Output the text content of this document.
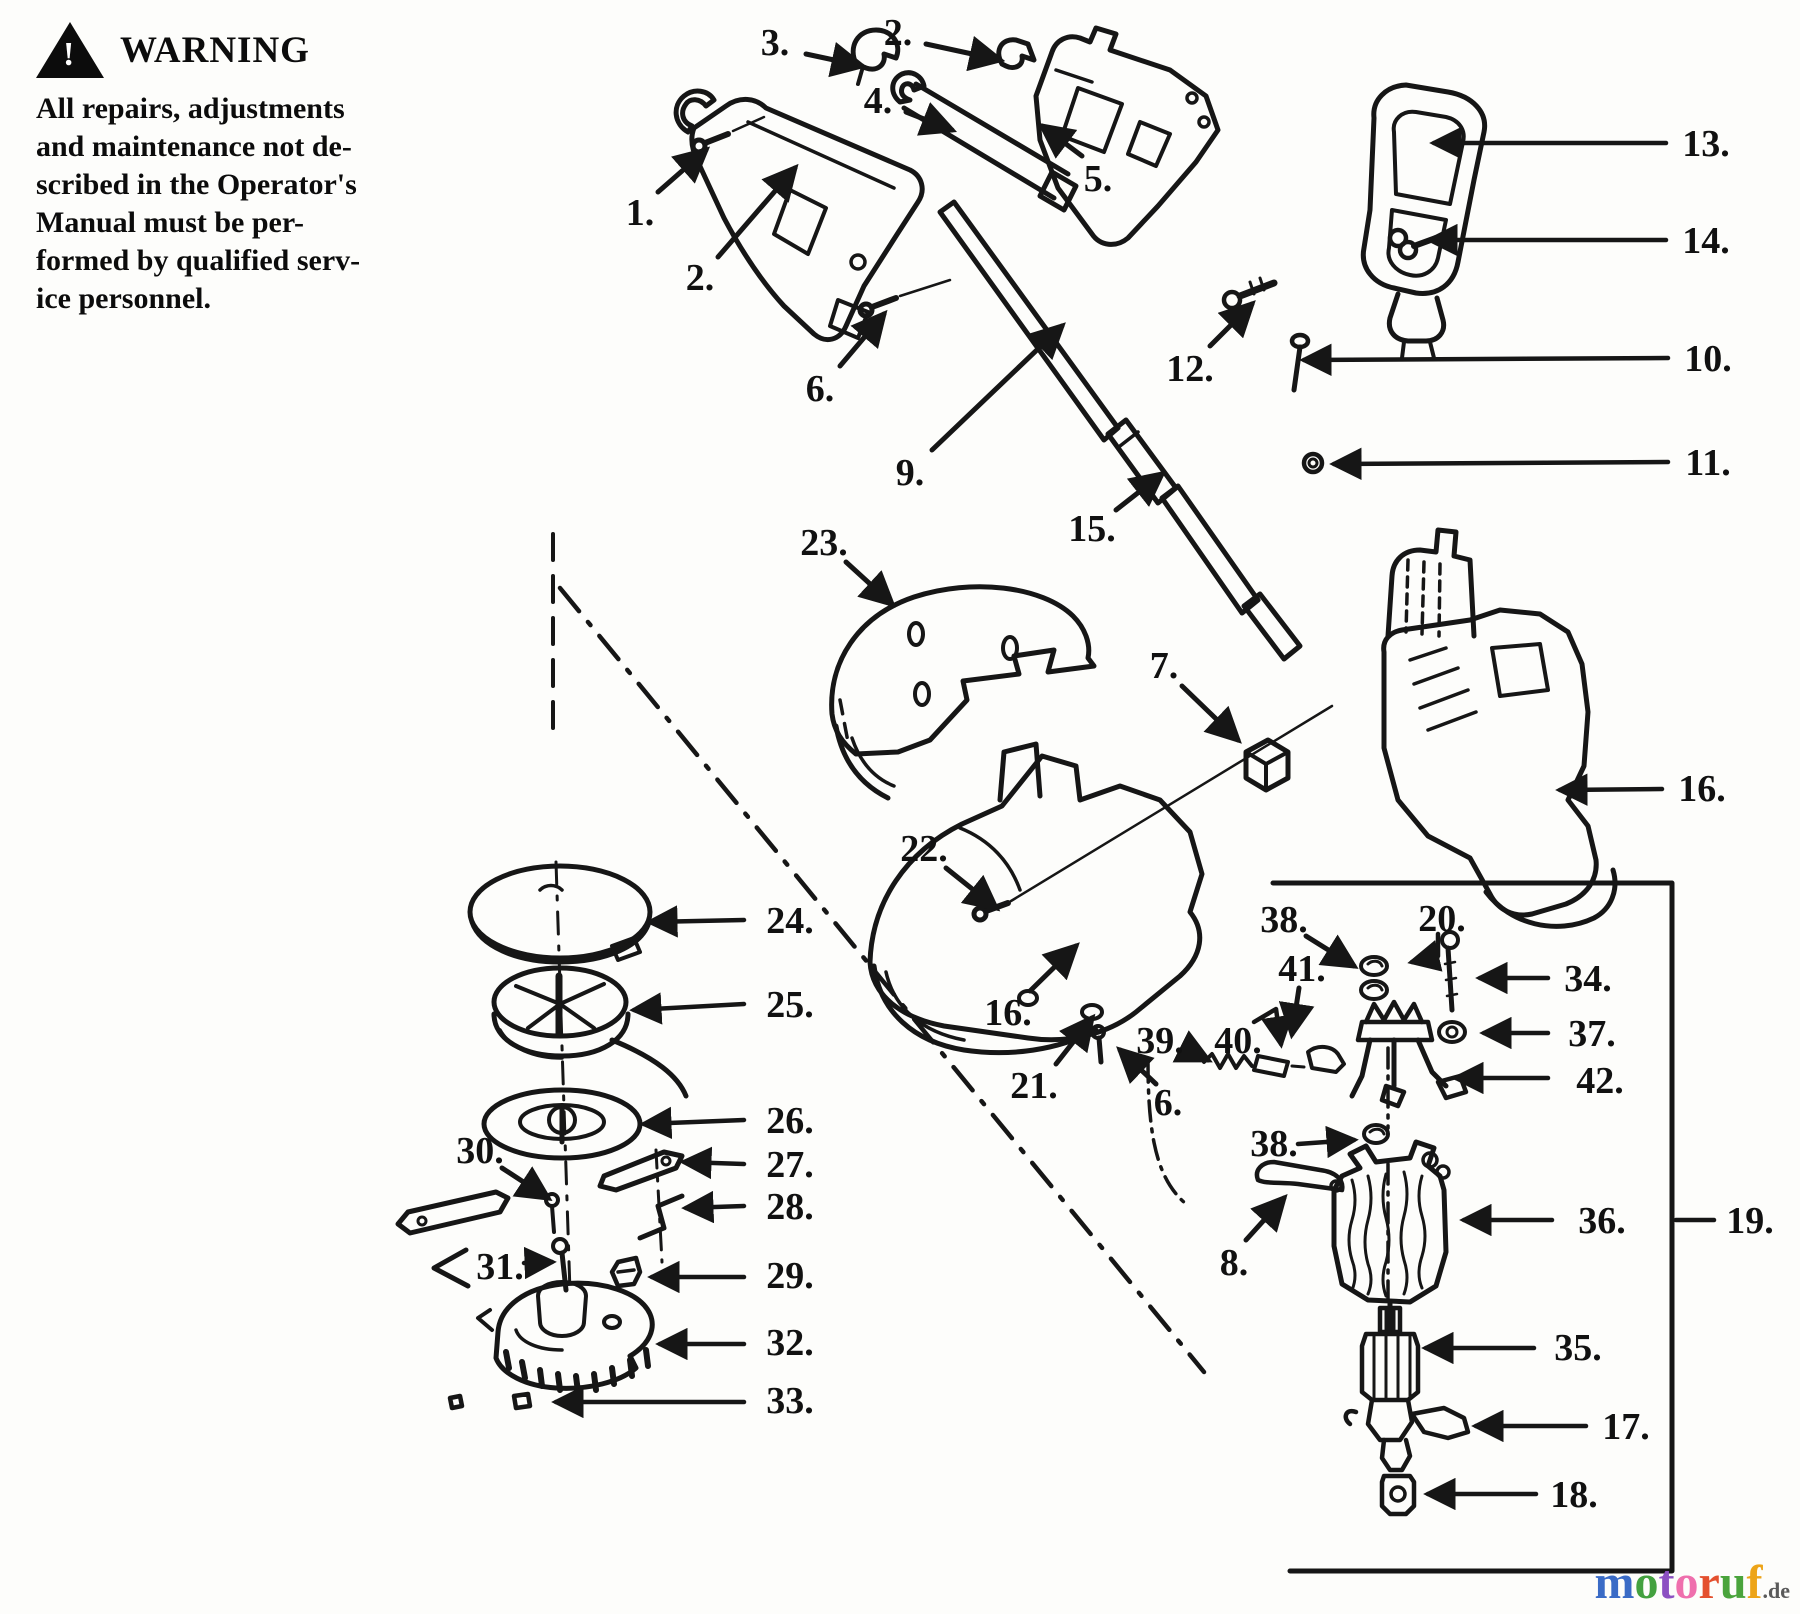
1.
2.
3. 2.
4.
5.
6.
9.
12.
15.
13.
14.
10.
11.
23.
7.
16.
22.
16.
21.
24.
25.
26.
27.
28.
30.
31.	29.
32.
33.
38.
41.
20.
34.
37.
42.
39. 40.
6.
38.
8.
36.	19.
35.
17.
18.
! WARNING
All repairs, adjustments
and maintenance not de-
scribed in the Operator's
Manual must be per-
formed by qualified serv-
ice personnel.
motoruf.de
